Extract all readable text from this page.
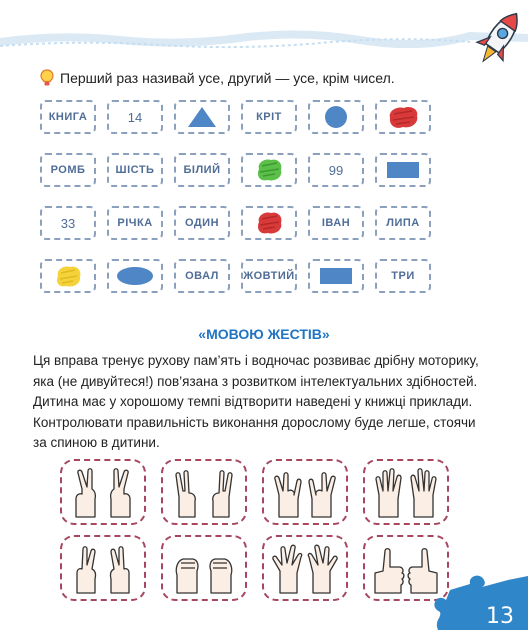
Перший раз називай усе, другий — усе, крім чисел.
КНИГА	14	КРІТ
РОМБ	ШІСТЬ	БІЛИЙ	99
33	РІЧКА	ОДИН	ІВАН	ЛИПА
ОВАЛ ЖОВТИЙ	ТРИ
«МОВОЮ ЖЕСТІВ»

Ця вправа тренує рухову пам’ять і водночас розвиває дрібну моторику, яка (не дивуйтеся!) пов’язана з розвитком інтелектуальних здібностей. Дитина має у хорошому темпі відтворити наведені у книжці приклади. Контролювати правильність виконання дорослому буде легше, стоячи за спиною в дитини.

13
